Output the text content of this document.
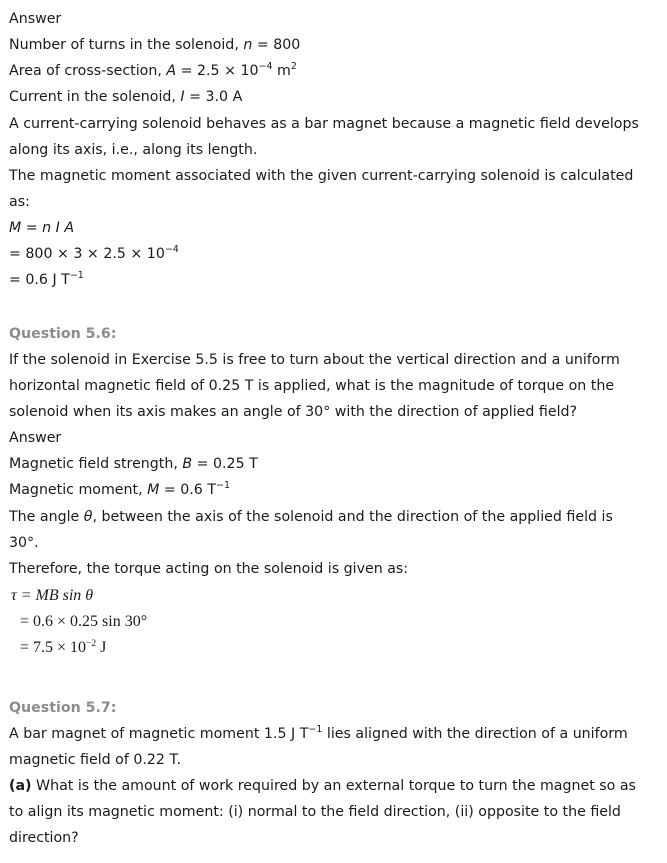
Answer
Number of turns in the solenoid, n = 800
Area of cross-section, $A = 2.5 \times 10^{-4}$ $m^2$
Current in the solenoid, I = 3.0 A
A current-carrying solenoid behaves as a bar magnet because a magnetic field develops
along its axis, i.e., along its length.
The magnetic moment associated with the given current-carrying solenoid is calculated
as:
M = n I A
= $800 \times 3 \times 2.5 \times 10^{-4}$
= 0.6 J $T^{-1}$
Question 5.6:
If the solenoid in Exercise 5.5 is free to turn about the vertical direction and a uniform
horizontal magnetic field of 0.25 T is applied, what is the magnitude of torque on the
solenoid when its axis makes an angle of 30° with the direction of applied field?
Answer
Magnetic field strength, B = 0.25 T
Magnetic moment, M = 0.6 $T^{-1}$
The angle θ, between the axis of the solenoid and the direction of the applied field is
30°.
Therefore, the torque acting on the solenoid is given as:
τ = MB sin θ
= 0.6 × 0.25 sin 30°
= $7.5 \times 10^{-2}$ J
Question 5.7:
A bar magnet of magnetic moment 1.5 J $T^{-1}$ lies aligned with the direction of a uniform
magnetic field of 0.22 T.
(a) What is the amount of work required by an external torque to turn the magnet so as
to align its magnetic moment: (i) normal to the field direction, (ii) opposite to the field
direction?
